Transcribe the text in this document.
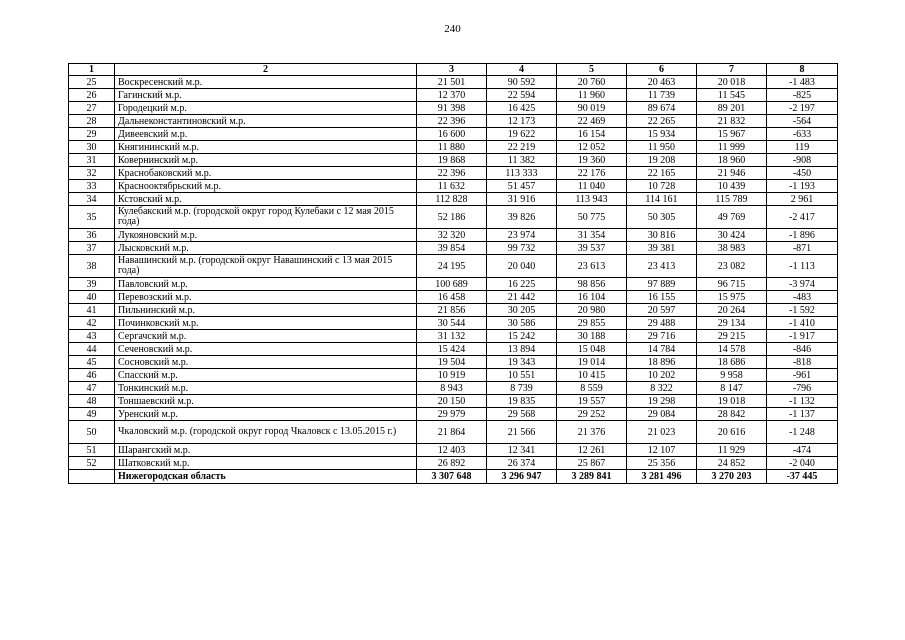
240
1	2	3	4	5	6	7	8
25	Воскресенский м.р.	21 501	90 592	20 760	20 463	20 018	-1 483
26	Гагинский м.р.	12 370	22 594	11 960	11 739	11 545	-825
27	Городецкий м.р.	91 398	16 425	90 019	89 674	89 201	-2 197
28	Дальнеконстантиновский м.р.	22 396	12 173	22 469	22 265	21 832	-564
29	Дивеевский м.р.	16 600	19 622	16 154	15 934	15 967	-633
30	Княгининский м.р.	11 880	22 219	12 052	11 950	11 999	119
31	Ковернинский м.р.	19 868	11 382	19 360	19 208	18 960	-908
32	Краснобаковский м.р.	22 396	113 333	22 176	22 165	21 946	-450
33	Краснооктябрьский м.р.	11 632	51 457	11 040	10 728	10 439	-1 193
34	Кстовский м.р.	112 828	31 916	113 943	114 161	115 789	2 961
35	Кулебакский м.р. (городской округ город Кулебаки с 12 мая 2015 года)	52 186	39 826	50 775	50 305	49 769	-2 417
36	Лукояновский м.р.	32 320	23 974	31 354	30 816	30 424	-1 896
37	Лысковский м.р.	39 854	99 732	39 537	39 381	38 983	-871
38	Навашинский м.р. (городской округ Навашинский с 13 мая 2015 года)	24 195	20 040	23 613	23 413	23 082	-1 113
39	Павловский м.р.	100 689	16 225	98 856	97 889	96 715	-3 974
40	Перевозский м.р.	16 458	21 442	16 104	16 155	15 975	-483
41	Пильнинский м.р.	21 856	30 205	20 980	20 597	20 264	-1 592
42	Починковский м.р.	30 544	30 586	29 855	29 488	29 134	-1 410
43	Сергачский м.р.	31 132	15 242	30 188	29 716	29 215	-1 917
44	Сеченовский м.р.	15 424	13 894	15 048	14 784	14 578	-846
45	Сосновский м.р.	19 504	19 343	19 014	18 896	18 686	-818
46	Спасский м.р.	10 919	10 551	10 415	10 202	9 958	-961
47	Тонкинский м.р.	8 943	8 739	8 559	8 322	8 147	-796
48	Тоншаевский м.р.	20 150	19 835	19 557	19 298	19 018	-1 132
49	Уренский м.р.	29 979	29 568	29 252	29 084	28 842	-1 137
50	Чкаловский м.р. (городской округ город Чкаловск с 13.05.2015 г.)	21 864	21 566	21 376	21 023	20 616	-1 248
51	Шарангский м.р.	12 403	12 341	12 261	12 107	11 929	-474
52	Шатковский м.р.	26 892	26 374	25 867	25 356	24 852	-2 040
	Нижегородская область	3 307 648	3 296 947	3 289 841	3 281 496	3 270 203	-37 445
